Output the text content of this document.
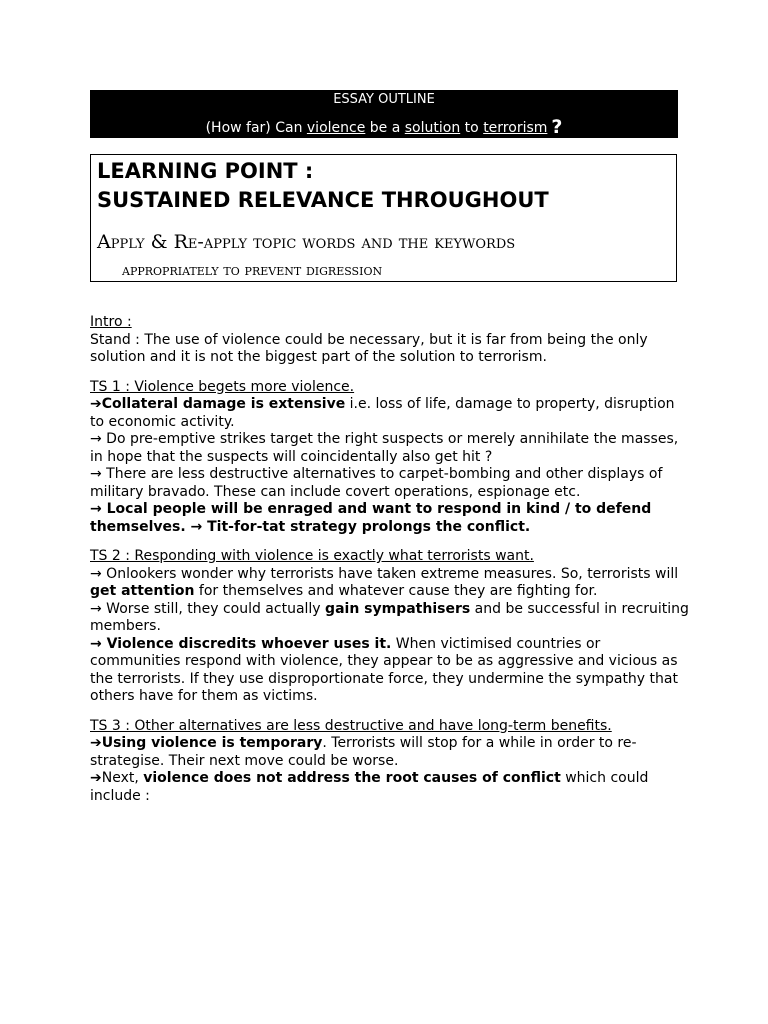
ESSAY OUTLINE
(How far) Can violence be a solution to terrorism ?
LEARNING POINT :
SUSTAINED RELEVANCE THROUGHOUT
Apply & Re-apply topic words and the keywords
appropriately to prevent digression

Intro :

Stand : The use of violence could be necessary, but it is far from being the only solution and it is not the biggest part of the solution to terrorism.

TS 1 : Violence begets more violence.

➔Collateral damage is extensive i.e. loss of life, damage to property, disruption to economic activity.

→ Do pre-emptive strikes target the right suspects or merely annihilate the masses, in hope that the suspects will coincidentally also get hit ?

→ There are less destructive alternatives to carpet-bombing and other displays of military bravado. These can include covert operations, espionage etc.

→ Local people will be enraged and want to respond in kind / to defend themselves. → Tit-for-tat strategy prolongs the conflict.

TS 2 : Responding with violence is exactly what terrorists want.

→ Onlookers wonder why terrorists have taken extreme measures. So, terrorists will get attention for themselves and whatever cause they are fighting for.

→ Worse still, they could actually gain sympathisers and be successful in recruiting members.

→ Violence discredits whoever uses it. When victimised countries or communities respond with violence, they appear to be as aggressive and vicious as the terrorists. If they use disproportionate force, they undermine the sympathy that others have for them as victims.

TS 3 : Other alternatives are less destructive and have long-term benefits.

➔Using violence is temporary. Terrorists will stop for a while in order to re-strategise. Their next move could be worse.

➔Next, violence does not address the root causes of conflict which could include :
